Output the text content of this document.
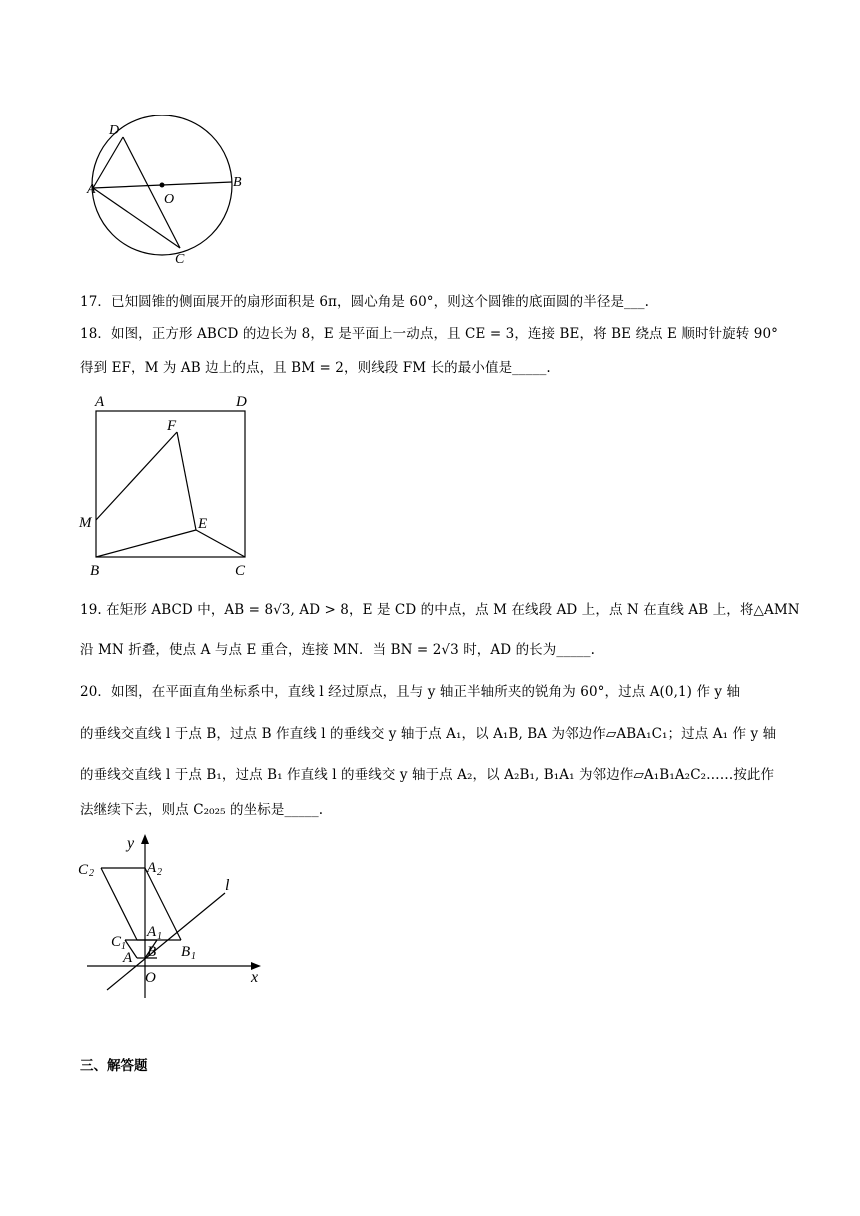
D
A
O
B
C
17．已知圆锥的侧面展开的扇形面积是 6π，圆心角是 60°，则这个圆锥的底面圆的半径是___.
18．如图，正方形 ABCD 的边长为 8，E 是平面上一动点，且 CE = 3，连接 BE，将 BE 绕点 E 顺时针旋转 90°
得到 EF，M 为 AB 边上的点，且 BM = 2，则线段 FM 长的最小值是_____.
A	D
F
M	E
B	C
19. 在矩形 ABCD 中，AB = 8√3, AD > 8，E 是 CD 的中点，点 M 在线段 AD 上，点 N 在直线 AB 上，将△AMN
沿 MN 折叠，使点 A 与点 E 重合，连接 MN．当 BN = 2√3 时，AD 的长为_____.
20．如图，在平面直角坐标系中，直线 l 经过原点，且与 y 轴正半轴所夹的锐角为 60°，过点 A(0,1) 作 y 轴
的垂线交直线 l 于点 B，过点 B 作直线 l 的垂线交 y 轴于点 A₁，以 A₁B, BA 为邻边作▱ABA₁C₁；过点 A₁ 作 y 轴
的垂线交直线 l 于点 B₁，过点 B₁ 作直线 l 的垂线交 y 轴于点 A₂，以 A₂B₁, B₁A₁ 为邻边作▱A₁B₁A₂C₂……按此作
法继续下去，则点 C₂₀₂₅ 的坐标是_____.
y
x
l
C 2	A 2
C 1
A 1
A B B 1
O
三、解答题
